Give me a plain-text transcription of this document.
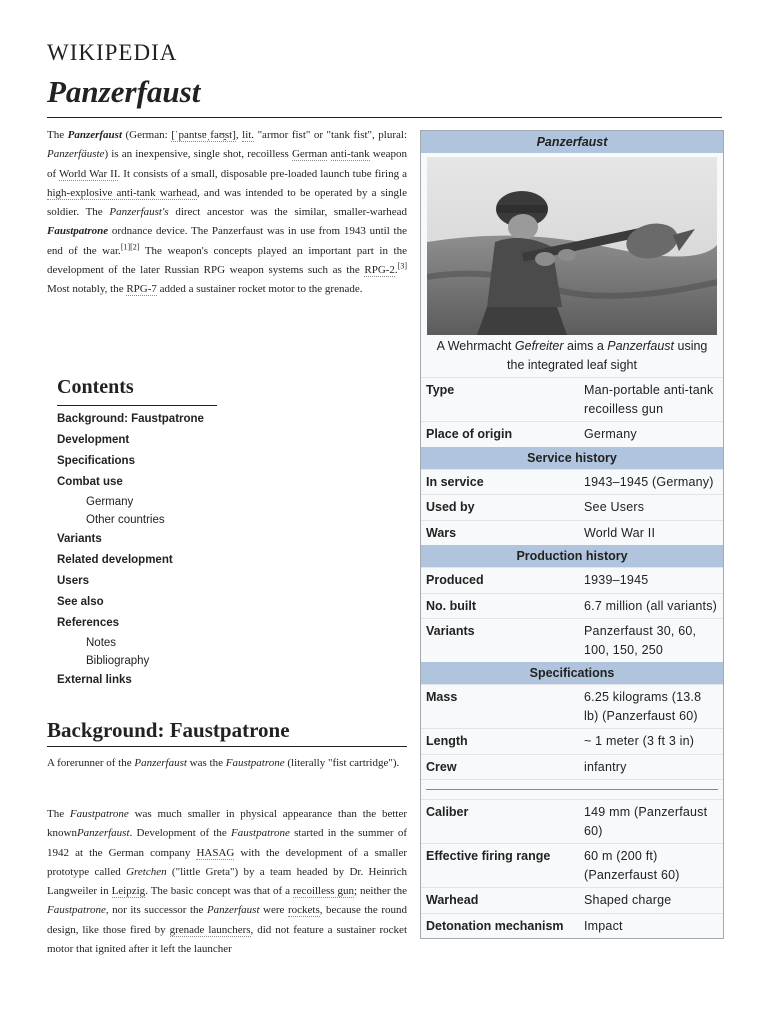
WIKIPEDIA
Panzerfaust

The Panzerfaust (German: [ˈpantsɐˌfaʊ̯st], lit. "armor fist" or "tank fist", plural: Panzerfäuste) is an inexpensive, single shot, recoilless German anti-tank weapon of World War II. It consists of a small, disposable pre-loaded launch tube firing a high-explosive anti-tank warhead, and was intended to be operated by a single soldier. The Panzerfaust's direct ancestor was the similar, smaller-warhead Faustpatrone ordnance device. The Panzerfaust was in use from 1943 until the end of the war.[1][2] The weapon's concepts played an important part in the development of the later Russian RPG weapon systems such as the RPG-2.[3] Most notably, the RPG-7 added a sustainer rocket motor to the grenade.

Contents
Background: Faustpatrone
Development
Specifications
Combat use
Germany
Other countries
Variants
Related development
Users
See also
References
Notes
Bibliography
External links
Background: Faustpatrone

A forerunner of the Panzerfaust was the Faustpatrone (literally "fist cartridge").

The Faustpatrone was much smaller in physical appearance than the better knownPanzerfaust. Development of the Faustpatrone started in the summer of 1942 at the German company HASAG with the development of a smaller prototype called Gretchen ("little Greta") by a team headed by Dr. Heinrich Langweiler in Leipzig. The basic concept was that of a recoilless gun; neither the Faustpatrone, nor its successor the Panzerfaust were rockets, because the round design, like those fired by grenade launchers, did not feature a sustainer rocket motor that ignited after it left the launcher

Panzerfaust
A Wehrmacht Gefreiter aims a Panzerfaust using the integrated leaf sight
Type	Man-portable anti-tank recoilless gun
Place of origin	Germany
Service history
In service	1943–1945 (Germany)
Used by	See Users
Wars	World War II
Production history
Produced	1939–1945
No. built	6.7 million (all variants)
Variants	Panzerfaust 30, 60, 100, 150, 250
Specifications
Mass	6.25 kilograms (13.8 lb) (Panzerfaust 60)
Length	~ 1 meter (3 ft 3 in)
Crew	infantry
Caliber	149 mm (Panzerfaust 60)
Effective firing range	60 m (200 ft) (Panzerfaust 60)
Warhead	Shaped charge
Detonation mechanism	Impact
